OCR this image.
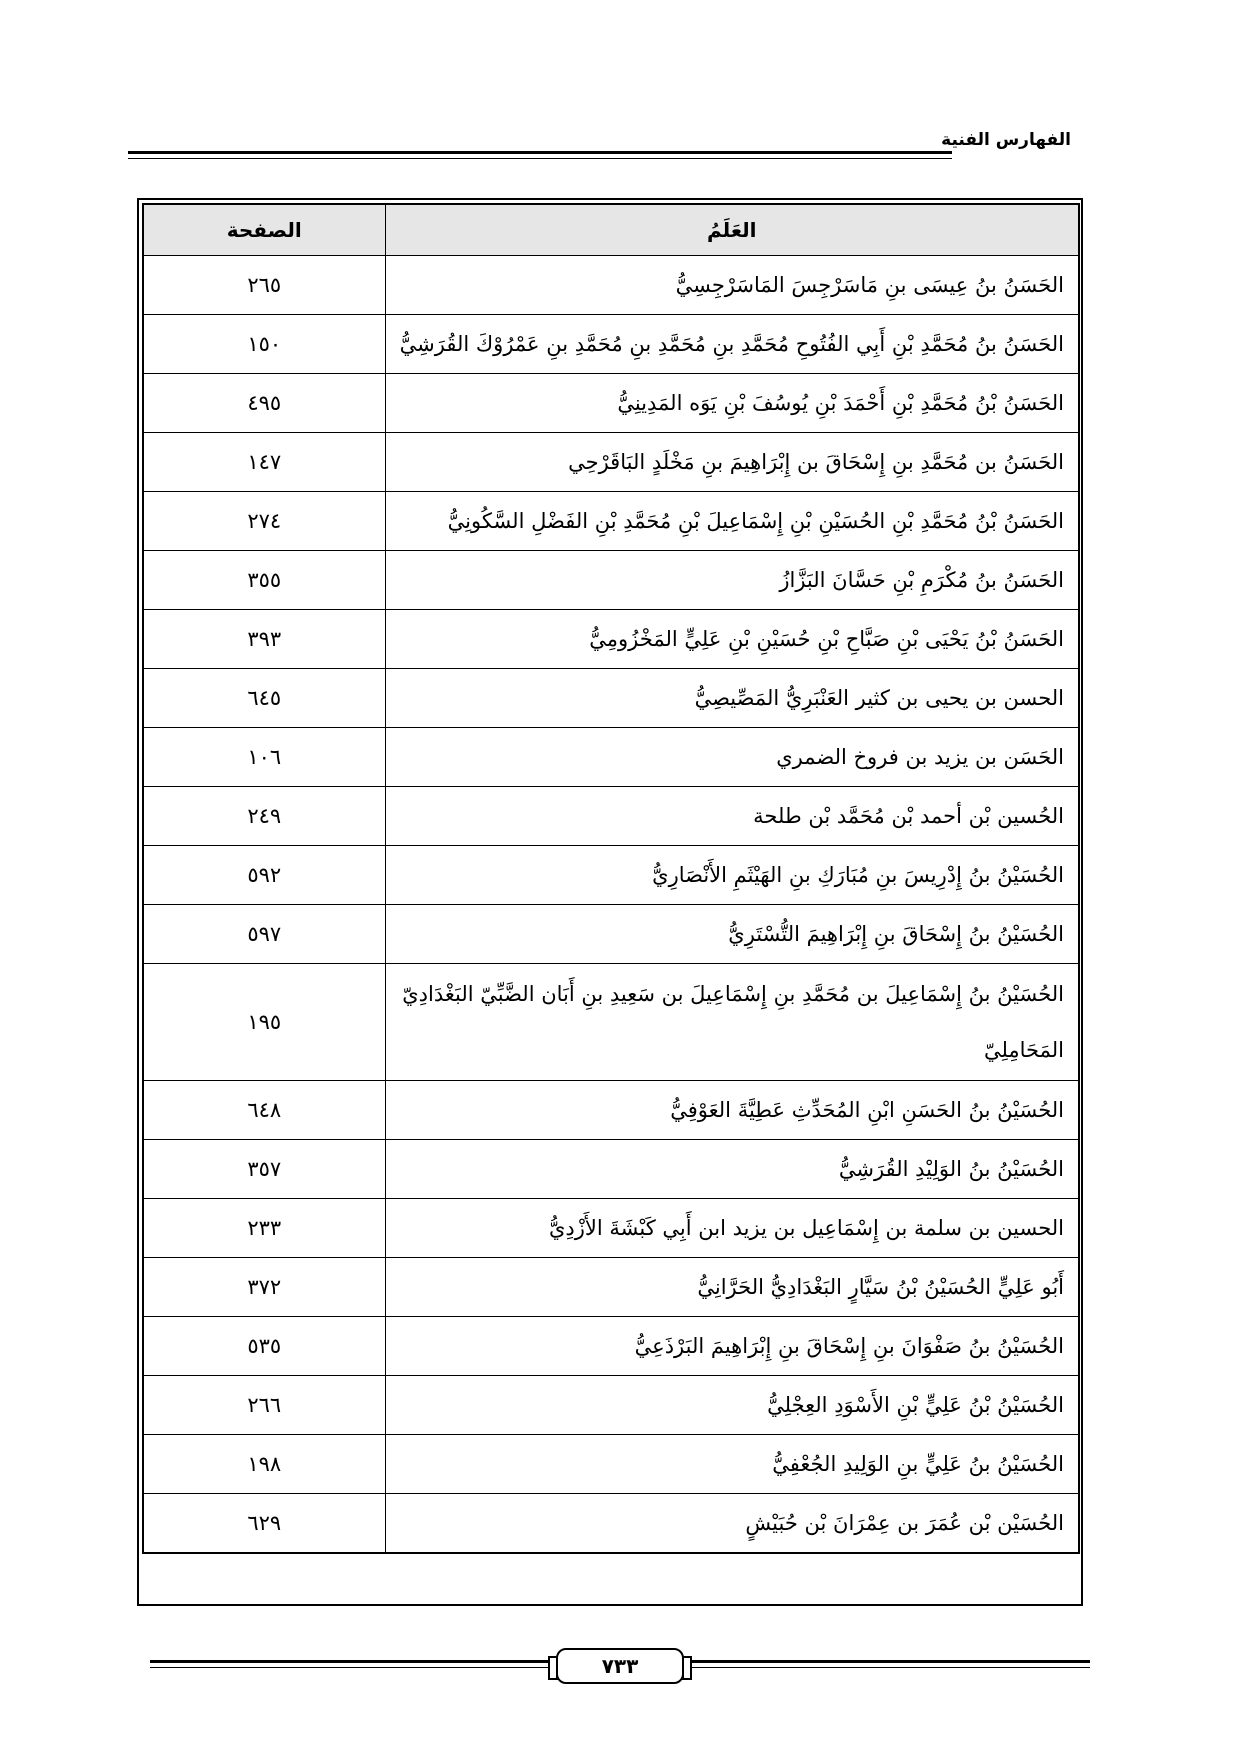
الفهارس الفنية
العَلَمُ	الصفحة
الحَسَنُ بنُ عِيسَى بنِ مَاسَرْجِسَ المَاسَرْجِسِيُّ	٢٦٥
الحَسَنُ بنُ مُحَمَّدِ بْنِ أَبِي الفُتُوحِ مُحَمَّدِ بنِ مُحَمَّدِ بنِ مُحَمَّدِ بنِ عَمْرُوْكَ القُرَشِيُّ	١٥٠
الحَسَنُ بْنُ مُحَمَّدِ بْنِ أَحْمَدَ بْنِ يُوسُفَ بْنِ يَوَه المَدِينِيُّ	٤٩٥
الحَسَنُ بن مُحَمَّدِ بنِ إِسْحَاقَ بن إِبْرَاهِيمَ بنِ مَخْلَدٍ البَاقَرْحِي	١٤٧
الحَسَنُ بْنُ مُحَمَّدِ بْنِ الحُسَيْنِ بْنِ إِسْمَاعِيلَ بْنِ مُحَمَّدِ بْنِ الفَضْلِ السَّكُونِيُّ	٢٧٤
الحَسَنُ بنُ مُكْرَمِ بْنِ حَسَّانَ البَزَّازُ	٣٥٥
الحَسَنُ بْنُ يَحْيَى بْنِ صَبَّاحِ بْنِ حُسَيْنِ بْنِ عَلِيٍّ المَخْزُومِيُّ	٣٩٣
الحسن بن يحيى بن كثير العَنْبَرِيُّ المَصِّيصِيُّ	٦٤٥
الحَسَن بن يزيد بن فروخ الضمري	١٠٦
الحُسين بْن أحمد بْن مُحَمَّد بْن طلحة	٢٤٩
الحُسَيْنُ بنُ إِدْرِيسَ بنِ مُبَارَكِ بنِ الهَيْثَمِ الأَنْصَارِيُّ	٥٩٢
الحُسَيْنُ بنُ إِسْحَاقَ بنِ إِبْرَاهِيمَ التُّسْتَرِيُّ	٥٩٧
الحُسَيْنُ بنُ إِسْمَاعِيلَ بن مُحَمَّدِ بنِ إِسْمَاعِيلَ بن سَعِيدِ بنِ أَبَان الضَّبِّيّ البَغْدَادِيّ المَحَامِلِيّ	١٩٥
الحُسَيْنُ بنُ الحَسَنِ ابْنِ المُحَدِّثِ عَطِيَّةَ العَوْفِيُّ	٦٤٨
الحُسَيْنُ بنُ الوَلِيْدِ القُرَشِيُّ	٣٥٧
الحسين بن سلمة بن إِسْمَاعِيل بن يزيد ابن أَبِي كَبْشَةَ الأَزْدِيُّ	٢٣٣
أَبُو عَلِيٍّ الحُسَيْنُ بْنُ سَيَّارٍ البَغْدَادِيُّ الحَرَّانِيُّ	٣٧٢
الحُسَيْنُ بنُ صَفْوَانَ بنِ إِسْحَاقَ بنِ إِبْرَاهِيمَ البَرْذَعِيُّ	٥٣٥
الحُسَيْنُ بْنُ عَلِيٍّ بْنِ الأَسْوَدِ العِجْلِيُّ	٢٦٦
الحُسَيْنُ بنُ عَلِيٍّ بنِ الوَلِيدِ الجُعْفِيُّ	١٩٨
الحُسَيْن بْن عُمَرَ بن عِمْرَانَ بْن حُبَيْشٍ	٦٢٩
٧٣٣
